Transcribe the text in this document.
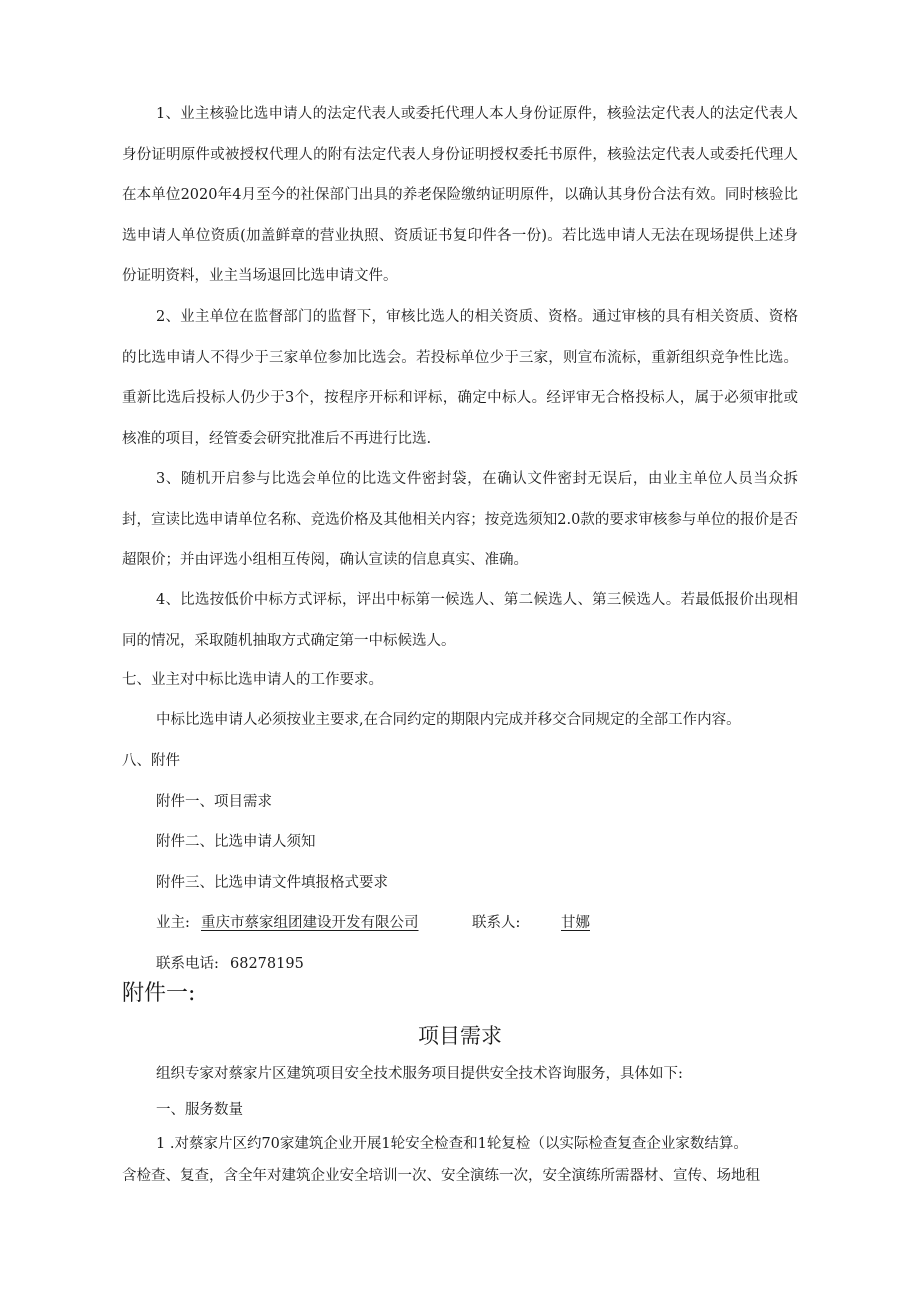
1、业主核验比选申请人的法定代表人或委托代理人本人身份证原件，核验法定代表人的法定代表人身份证明原件或被授权代理人的附有法定代表人身份证明授权委托书原件，核验法定代表人或委托代理人在本单位2020年4月至今的社保部门出具的养老保险缴纳证明原件，以确认其身份合法有效。同时核验比选申请人单位资质(加盖鲜章的营业执照、资质证书复印件各一份)。若比选申请人无法在现场提供上述身份证明资料，业主当场退回比选申请文件。

2、业主单位在监督部门的监督下，审核比选人的相关资质、资格。通过审核的具有相关资质、资格的比选申请人不得少于三家单位参加比选会。若投标单位少于三家，则宣布流标，重新组织竞争性比选。重新比选后投标人仍少于3个，按程序开标和评标，确定中标人。经评审无合格投标人，属于必须审批或核准的项目，经管委会研究批准后不再进行比选.

3、随机开启参与比选会单位的比选文件密封袋，在确认文件密封无误后，由业主单位人员当众拆封，宣读比选申请单位名称、竞选价格及其他相关内容；按竞选须知2.0款的要求审核参与单位的报价是否超限价；并由评选小组相互传阅，确认宣读的信息真实、准确。

4、比选按低价中标方式评标，评出中标第一候选人、第二候选人、第三候选人。若最低报价出现相同的情况，采取随机抽取方式确定第一中标候选人。

七、业主对中标比选申请人的工作要求。
中标比选申请人必须按业主要求,在合同约定的期限内完成并移交合同规定的全部工作内容。
八、附件
附件一、项目需求
附件二、比选申请人须知
附件三、比选申请文件填报格式要求
业主: 重庆市蔡家组团建设开发有限公司	联系人:	甘娜
联系电话: 68278195
附件一:
项目需求
组织专家对蔡家片区建筑项目安全技术服务项目提供安全技术咨询服务，具体如下:
一、服务数量
1 .对蔡家片区约70家建筑企业开展1轮安全检查和1轮复检（以实际检查复查企业家数结算。
含检查、复查，含全年对建筑企业安全培训一次、安全演练一次，安全演练所需器材、宣传、场地租
